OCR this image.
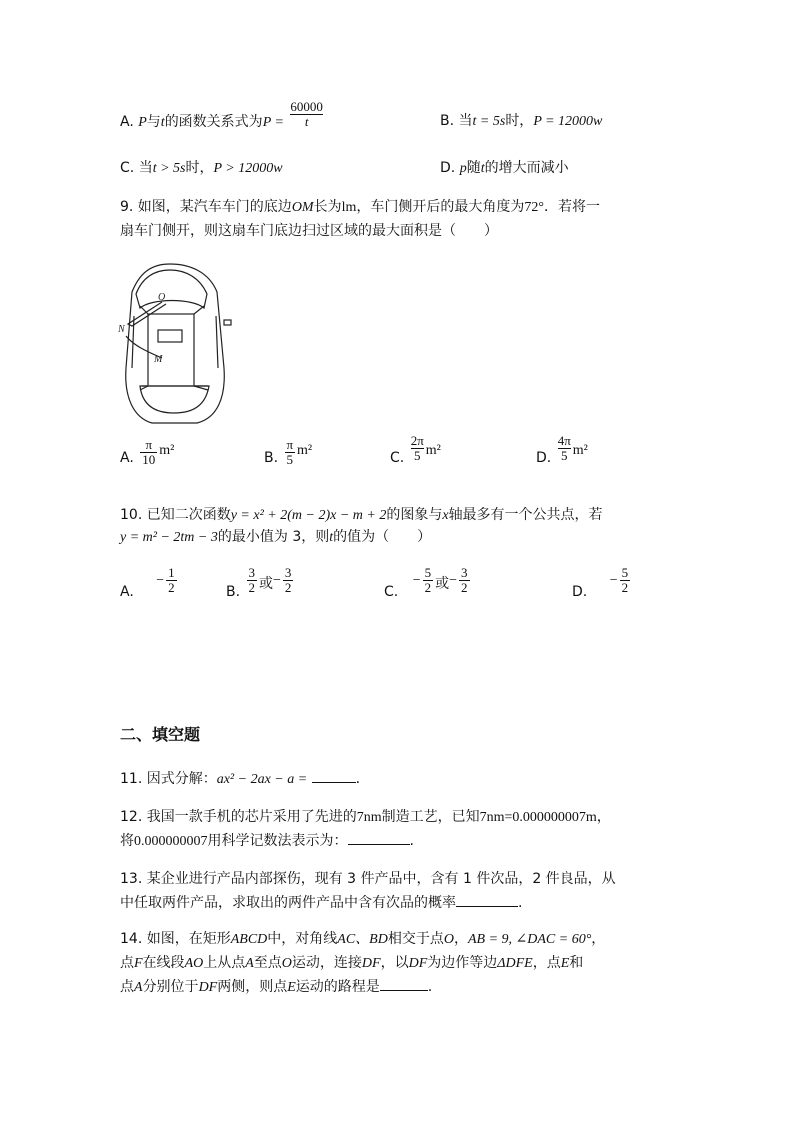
A. P与t的函数关系式为$P = \frac{60000}{t}$	B. 当t = 5s时，P = 12000w
C. 当t > 5s时，P > 12000w	D. p随t的增大而减小
9. 如图，某汽车车门的底边OM长为lm，车门侧开后的最大角度为72°．若将一
扇车门侧开，则这扇车门底边扫过区域的最大面积是（　　）
O
N
M
A. $\frac{\pi}{10} m^2$	B. $\frac{\pi}{5} m^2$	C. $\frac{2\pi}{5} m^2$	D. $\frac{4\pi}{5} m^2$
10. 已知二次函数y = x² + 2(m − 2)x − m + 2的图象与x轴最多有一个公共点，若
y = m² − 2tm − 3的最小值为 3，则t的值为（　　）
A. − $\frac{1}{2}$	B. $\frac{3}{2}$ 或− $\frac{3}{2}$	C. − $\frac{5}{2}$ 或− $\frac{3}{2}$	D. − $\frac{5}{2}$
二、填空题
11. 因式分解：ax² − 2ax − a =	.
12. 我国一款手机的芯片采用了先进的7nm制造工艺，已知7nm=0.000000007m，
将0.000000007用科学记数法表示为：	.
13. 某企业进行产品内部探伤，现有 3 件产品中，含有 1 件次品，2 件良品，从
中任取两件产品，求取出的两件产品中含有次品的概率	.
14. 如图，在矩形ABCD中，对角线AC、BD相交于点O，AB = 9, ∠DAC = 60°，
点F在线段AO上从点A至点O运动，连接DF，以DF为边作等边ΔDFE，点E和
点A分别位于DF两侧，则点E运动的路程是	.
